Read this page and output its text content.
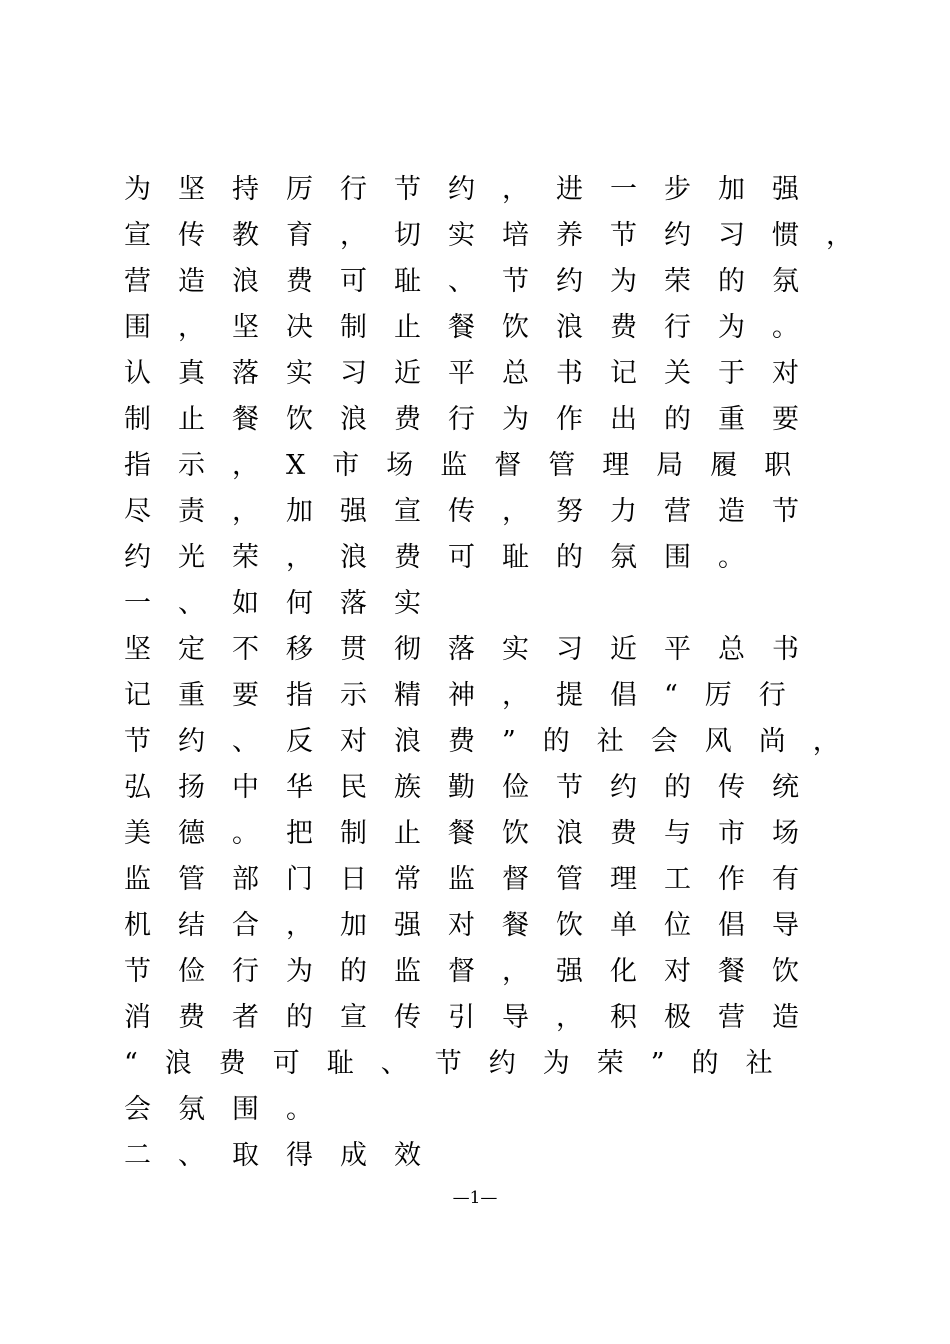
为坚持厉行节约，进一步加强
宣传教育，切实培养节约习惯，
营造浪费可耻、节约为荣的氛
围，坚决制止餐饮浪费行为。
认真落实习近平总书记关于对
制止餐饮浪费行为作出的重要
指示，X市场监督管理局履职
尽责，加强宣传，努力营造节
约光荣，浪费可耻的氛围。
一、如何落实
坚定不移贯彻落实习近平总书
记重要指示精神，提倡“厉行
节约、反对浪费”的社会风尚，
弘扬中华民族勤俭节约的传统
美德。把制止餐饮浪费与市场
监管部门日常监督管理工作有
机结合，加强对餐饮单位倡导
节俭行为的监督，强化对餐饮
消费者的宣传引导，积极营造
“浪费可耻、节约为荣”的社
会氛围。
二、取得成效
—1—
